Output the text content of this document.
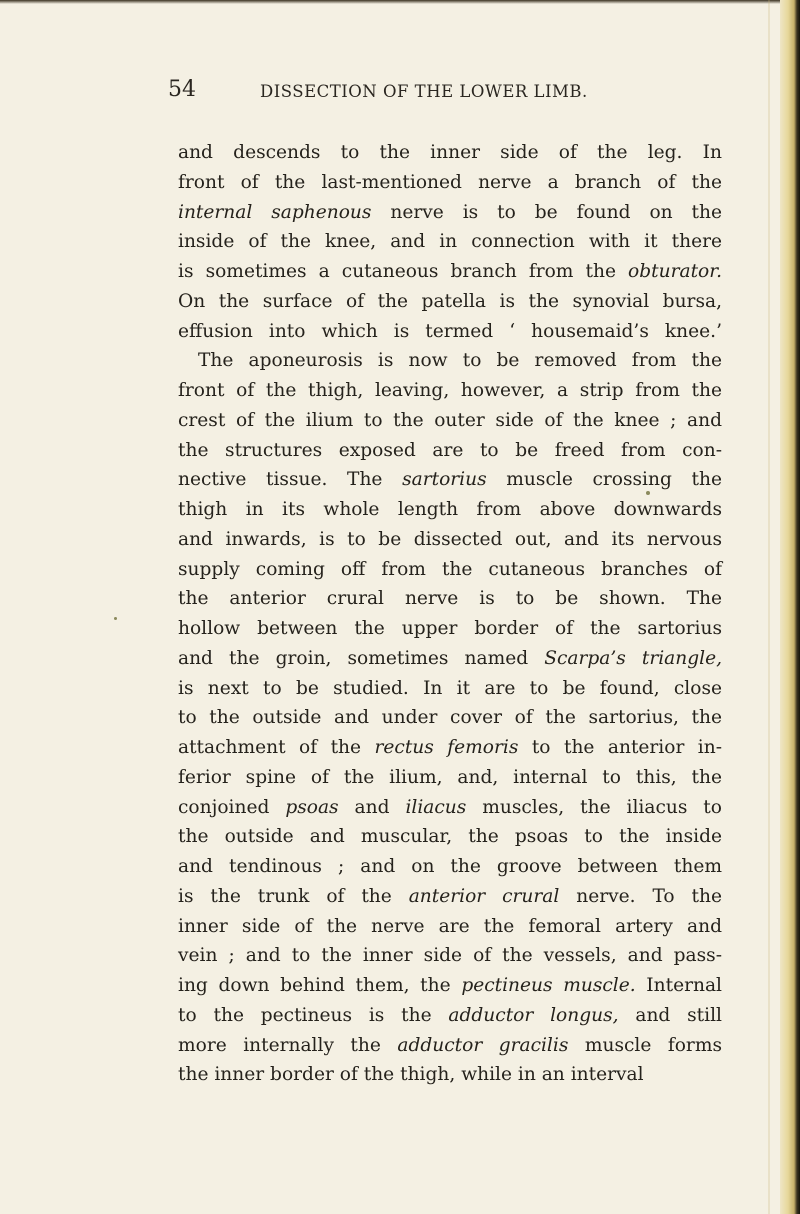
54	DISSECTION OF THE LOWER LIMB.
and descends to the inner side of the leg. In
front of the last-mentioned nerve a branch of the
internal saphenous nerve is to be found on the
inside of the knee, and in connection with it there
is sometimes a cutaneous branch from the obturator.
On the surface of the patella is the synovial bursa,
effusion into which is termed ‘ housemaid’s knee.’
The aponeurosis is now to be removed from the
front of the thigh, leaving, however, a strip from the
crest of the ilium to the outer side of the knee ; and
the structures exposed are to be freed from con-
nective tissue. The sartorius muscle crossing the
thigh in its whole length from above downwards
and inwards, is to be dissected out, and its nervous
supply coming off from the cutaneous branches of
the anterior crural nerve is to be shown. The
hollow between the upper border of the sartorius
and the groin, sometimes named Scarpa’s triangle,
is next to be studied. In it are to be found, close
to the outside and under cover of the sartorius, the
attachment of the rectus femoris to the anterior in-
ferior spine of the ilium, and, internal to this, the
conjoined psoas and iliacus muscles, the iliacus to
the outside and muscular, the psoas to the inside
and tendinous ; and on the groove between them
is the trunk of the anterior crural nerve. To the
inner side of the nerve are the femoral artery and
vein ; and to the inner side of the vessels, and pass-
ing down behind them, the pectineus muscle. Internal
to the pectineus is the adductor longus, and still
more internally the adductor gracilis muscle forms
the inner border of the thigh, while in an interval
